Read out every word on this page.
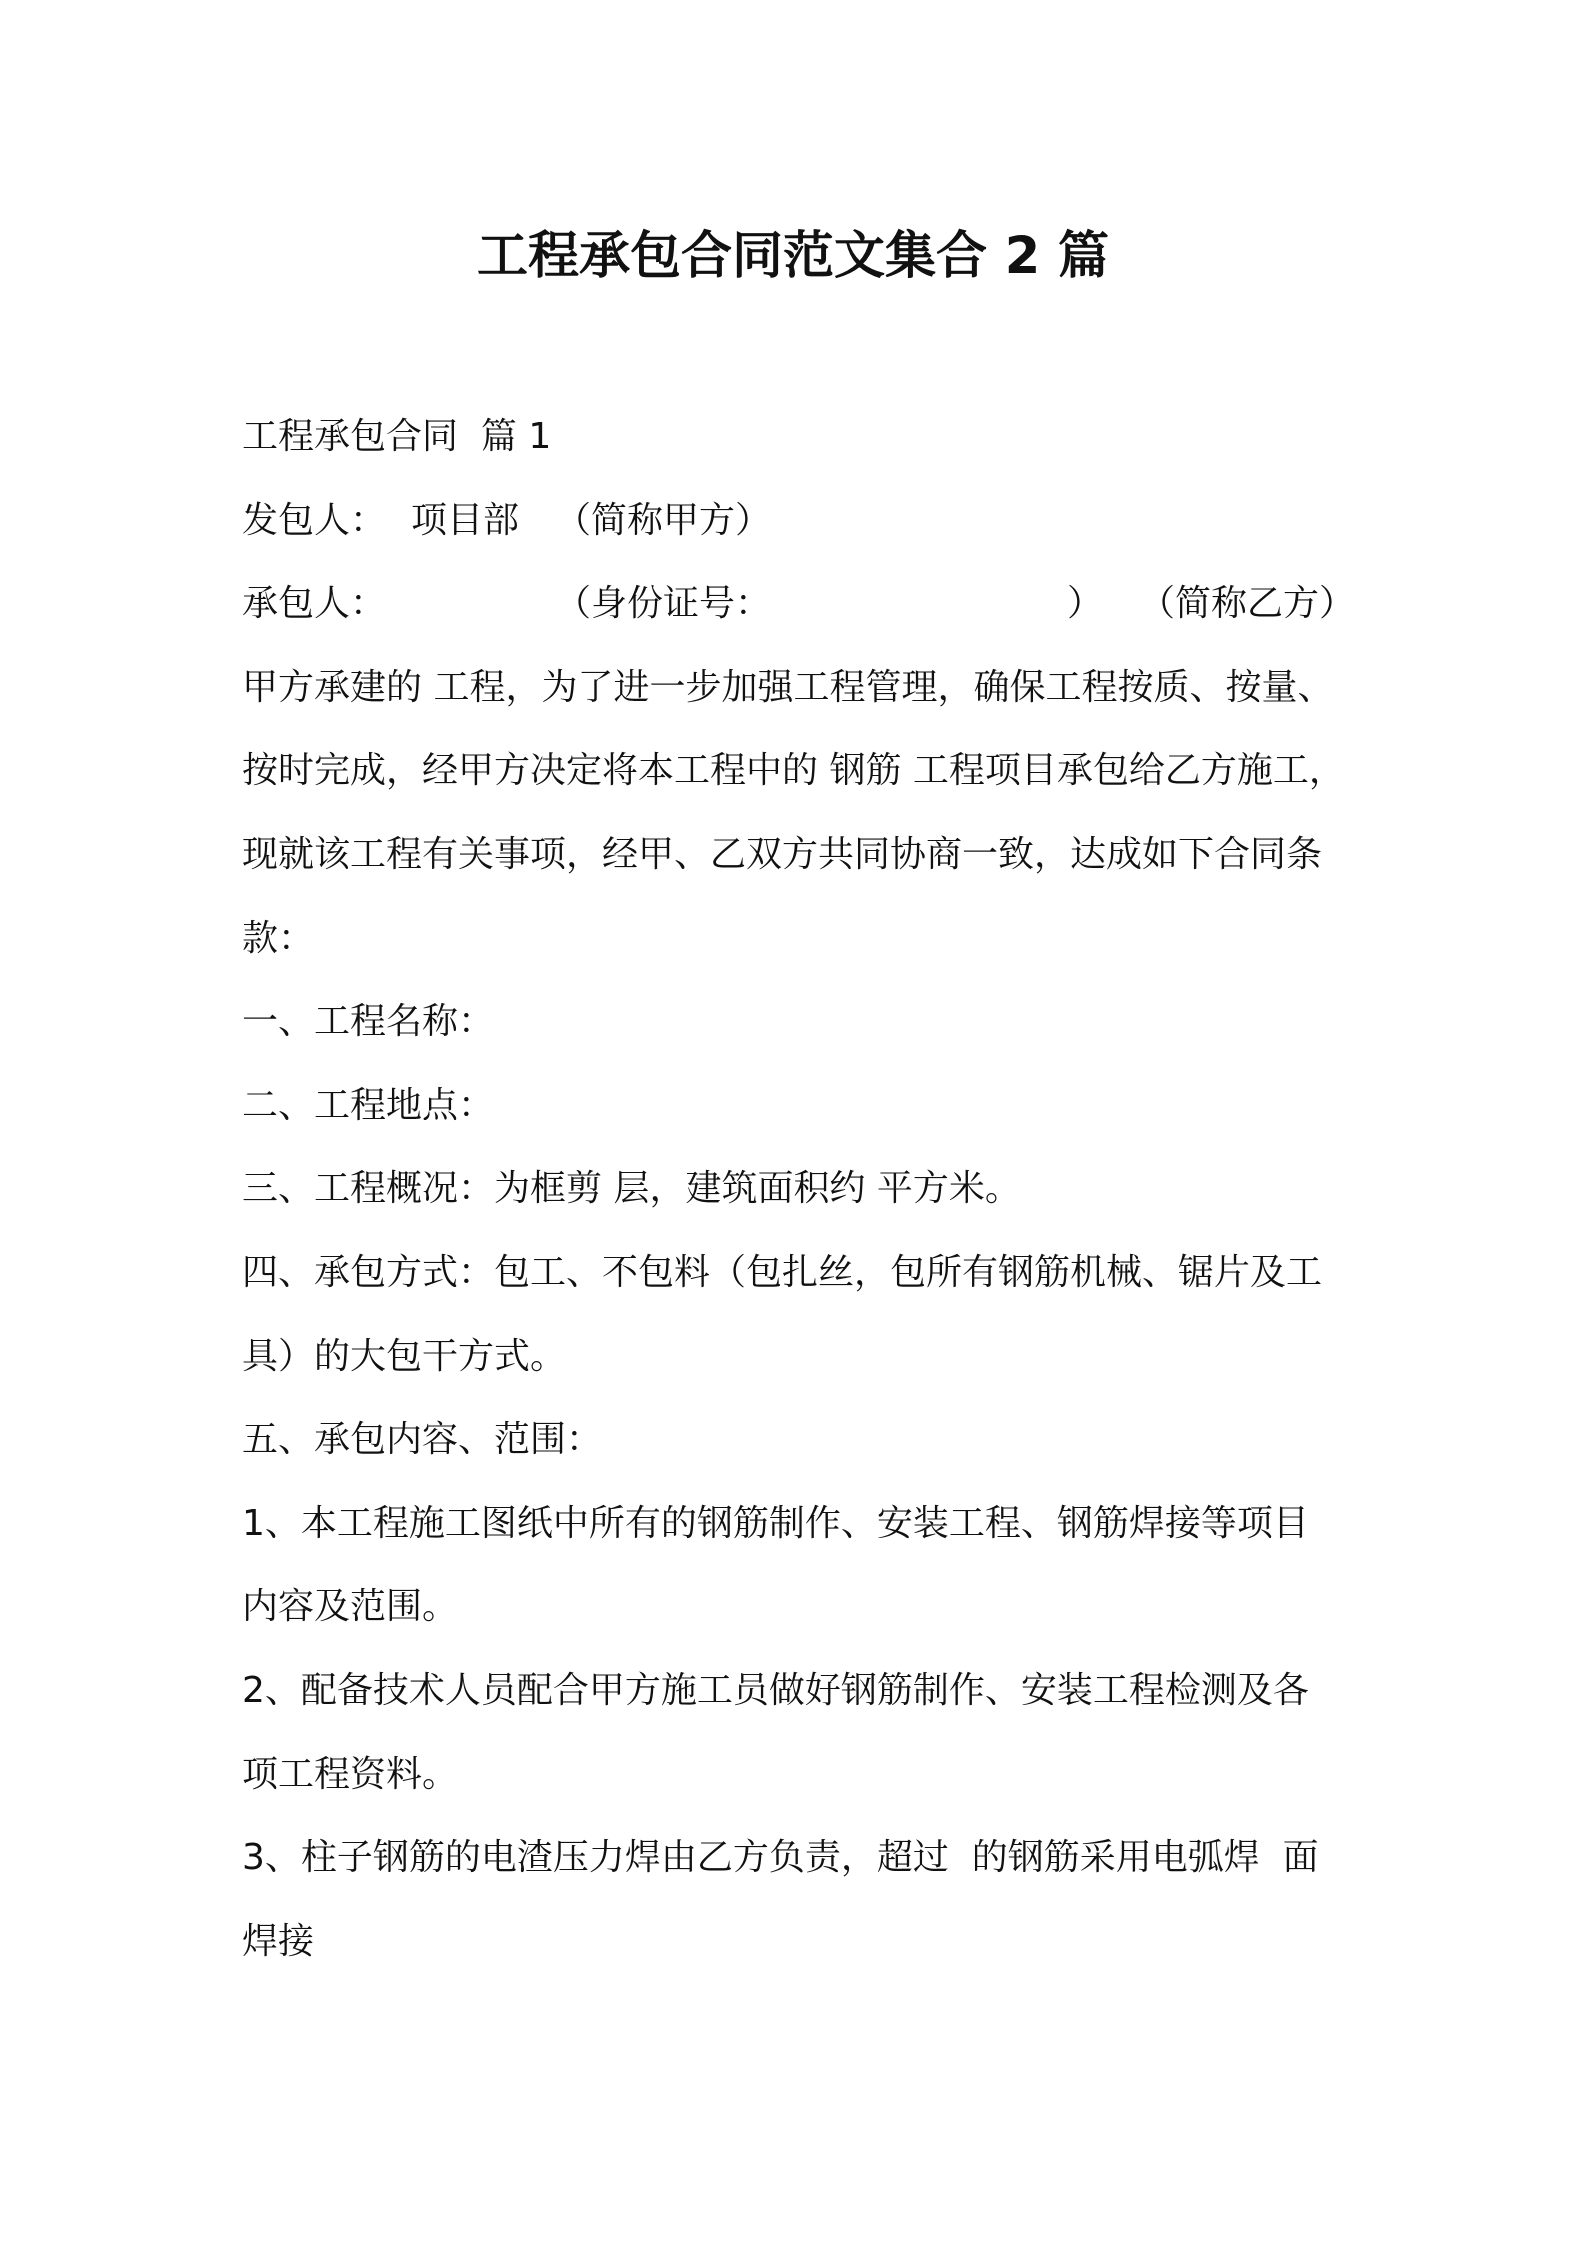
工程承包合同范文集合 2 篇
工程承包合同  篇 1

发包人：

项目部

（简称甲方）

承包人：

	（身份证号：

	）

（简称乙方）

甲方承建的 工程，为了进一步加强工程管理，确保工程按质、按量、
按时完成，经甲方决定将本工程中的 钢筋 工程项目承包给乙方施工，
现就该工程有关事项，经甲、乙双方共同协商一致，达成如下合同条
款：
一、工程名称：
二、工程地点：
三、工程概况：为框剪 层，建筑面积约 平方米。
四、承包方式：包工、不包料（包扎丝，包所有钢筋机械、锯片及工
具）的大包干方式。
五、承包内容、范围：
1、本工程施工图纸中所有的钢筋制作、安装工程、钢筋焊接等项目
内容及范围。
2、配备技术人员配合甲方施工员做好钢筋制作、安装工程检测及各
项工程资料。
3、柱子钢筋的电渣压力焊由乙方负责，超过  的钢筋采用电弧焊  面
焊接
